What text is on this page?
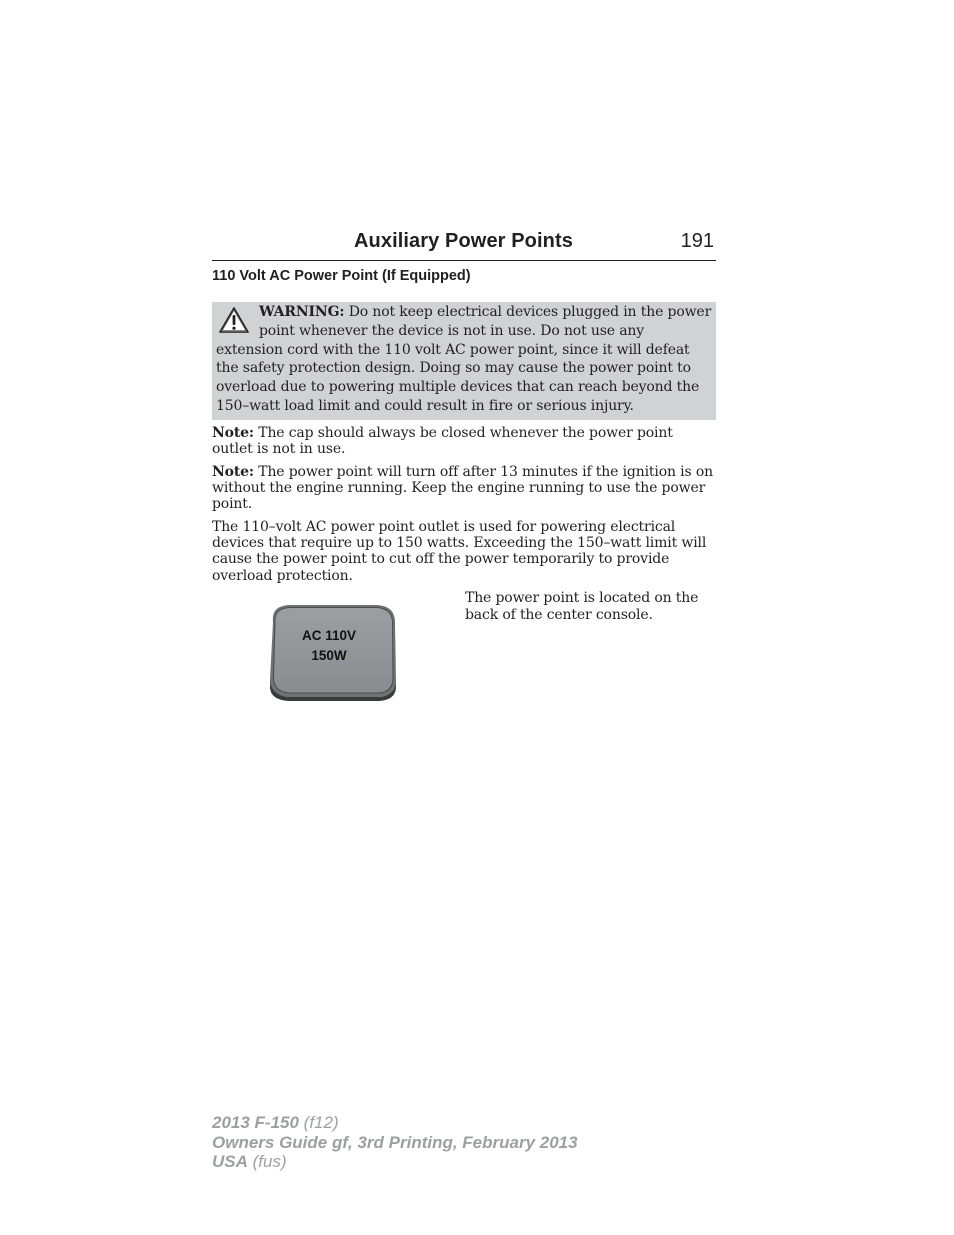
Auxiliary Power Points	191
110 Volt AC Power Point (If Equipped)
WARNING: Do not keep electrical devices plugged in the power
point whenever the device is not in use. Do not use any
extension cord with the 110 volt AC power point, since it will defeat the safety protection design. Doing so may cause the power point to overload due to powering multiple devices that can reach beyond the 150–watt load limit and could result in fire or serious injury.
Note: The cap should always be closed whenever the power point outlet is not in use.
Note: The power point will turn off after 13 minutes if the ignition is on without the engine running. Keep the engine running to use the power point.
The 110–volt AC power point outlet is used for powering electrical devices that require up to 150 watts. Exceeding the 150–watt limit will cause the power point to cut off the power temporarily to provide overload protection.
AC 110V
150W
The power point is located on the back of the center console.
2013 F-150 (f12)
Owners Guide gf, 3rd Printing, February 2013
USA (fus)
